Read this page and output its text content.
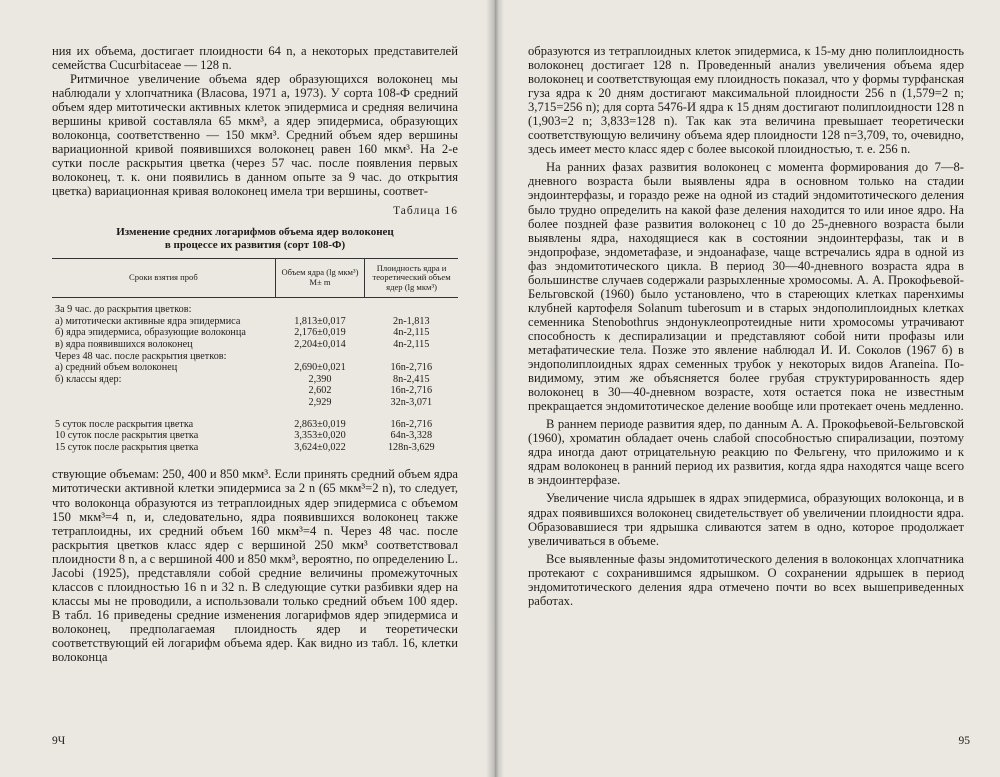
ния их объема, достигает плоидности 64 n, а некоторых представителей семейства Cucurbitaceae — 128 n.

Ритмичное увеличение объема ядер образующихся волоконец мы наблюдали у хлопчатника (Власова, 1971 а, 1973). У сорта 108-Ф средний объем ядер митотически активных клеток эпидермиса и средняя величина вершины кривой составляла 65 мкм³, а ядер эпидермиса, образующих волоконца, соответственно — 150 мкм³. Средний объем ядер вершины вариационной кривой появившихся волоконец равен 160 мкм³. На 2-е сутки после раскрытия цветка (через 57 час. после появления первых волоконец, т. к. они появились в данном опыте за 9 час. до открытия цветка) вариационная кривая волоконец имела три вершины, соответ-

Таблица 16
Изменение средних логарифмов объема ядер волоконец
в процессе их развития (сорт 108-Ф)
Сроки взятия проб	Объем ядра (lg мкм³) M± m	Плоидность ядра и теоретический объем ядер (lg мкм³)
За 9 час. до раскрытия цветков:		
а) митотически активные ядра эпидермиса	1,813±0,017	2n-1,813
б) ядра эпидермиса, образующие волоконца	2,176±0,019	4n-2,115
в) ядра появившихся волоконец	2,204±0,014	4n-2,115
Через 48 час. после раскрытия цветков:		
а) средний объем волоконец	2,690±0,021	16n-2,716
б) классы ядер:	2,390	8n-2,415
	2,602	16n-2,716
	2,929	32n-3,071
5 суток после раскрытия цветка	2,863±0,019	16n-2,716
10 суток после раскрытия цветка	3,353±0,020	64n-3,328
15 суток после раскрытия цветка	3,624±0,022	128n-3,629

ствующие объемам: 250, 400 и 850 мкм³. Если принять средний объем ядра митотически активной клетки эпидермиса за 2 n (65 мкм³=2 n), то следует, что волоконца образуются из тетраплоидных ядер эпидермиса с объемом 150 мкм³=4 n, и, следовательно, ядра появившихся волоконец также тетраплоидны, их средний объем 160 мкм³=4 n. Через 48 час. после раскрытия цветков класс ядер с вершиной 250 мкм³ соответствовал плоидности 8 n, а с вершиной 400 и 850 мкм³, вероятно, по определению L. Jacobi (1925), представляли собой средние величины промежуточных классов с плоидностью 16 n и 32 n. В следующие сутки разбивки ядер на классы мы не проводили, а использовали только средний объем 100 ядер. В табл. 16 приведены средние изменения логарифмов ядер эпидермиса и волоконец, предполагаемая плоидность ядер и теоретически соответствующий ей логарифм объема ядер. Как видно из табл. 16, клетки волоконца

9Ч

образуются из тетраплоидных клеток эпидермиса, к 15-му дню полиплоидность волоконец достигает 128 n. Проведенный анализ увеличения объема ядер волоконец и соответствующая ему плоидность показал, что у формы турфанская гуза ядра к 20 дням достигают максимальной плоидности 256 n (1,579=2 n; 3,715=256 n); для сорта 5476-И ядра к 15 дням достигают полиплоидности 128 n (1,903=2 n; 3,833=128 n). Так как эта величина превышает теоретически соответствующую величину объема ядер плоидности 128 n=3,709, то, очевидно, здесь имеет место класс ядер с более высокой плоидностью, т. е. 256 n.

На ранних фазах развития волоконец с момента формирования до 7—8-дневного возраста были выявлены ядра в основном только на стадии эндоинтерфазы, и гораздо реже на одной из стадий эндомитотического деления было трудно определить на какой фазе деления находится то или иное ядро. На более поздней фазе развития волоконец с 10 до 25-дневного возраста были выявлены ядра, находящиеся как в состоянии эндоинтерфазы, так и в эндопрофазе, эндометафазе, и эндоанафазе, чаще встречались ядра в одной из фаз эндомитотического цикла. В период 30—40-дневного возраста ядра в большинстве случаев содержали разрыхленные хромосомы. А. А. Прокофьевой-Бельговской (1960) было установлено, что в стареющих клетках паренхимы клубней картофеля Solanum tuberosum и в старых эндополиплоидных клетках семенника Stenobothrus эндонуклеопротеидные нити хромосомы утрачивают способность к деспирализации и представляют собой нити профазы или метафатические тела. Позже это явление наблюдал И. И. Соколов (1967 б) в эндополиплоидных ядрах семенных трубок у некоторых видов Araneina. По-видимому, этим же объясняется более грубая структурированность ядер волоконец в 30—40-дневном возрасте, хотя остается пока не известным прекращается эндомитотическое деление вообще или протекает очень медленно.

В раннем периоде развития ядер, по данным А. А. Прокофьевой-Бельговской (1960), хроматин обладает очень слабой способностью спирализации, поэтому ядра иногда дают отрицательную реакцию по Фельгену, что приложимо и к ядрам волоконец в ранний период их развития, когда ядра находятся чаще всего в эндоинтерфазе.

Увеличение числа ядрышек в ядрах эпидермиса, образующих волоконца, и в ядрах появившихся волоконец свидетельствует об увеличении плоидности ядра. Образовавшиеся три ядрышка сливаются затем в одно, которое продолжает увеличиваться в объеме.

Все выявленные фазы эндомитотического деления в волоконцах хлопчатника протекают с сохранившимся ядрышком. О сохранении ядрышек в период эндомитотического деления ядра отмечено почти во всех вышеприведенных работах.

95
